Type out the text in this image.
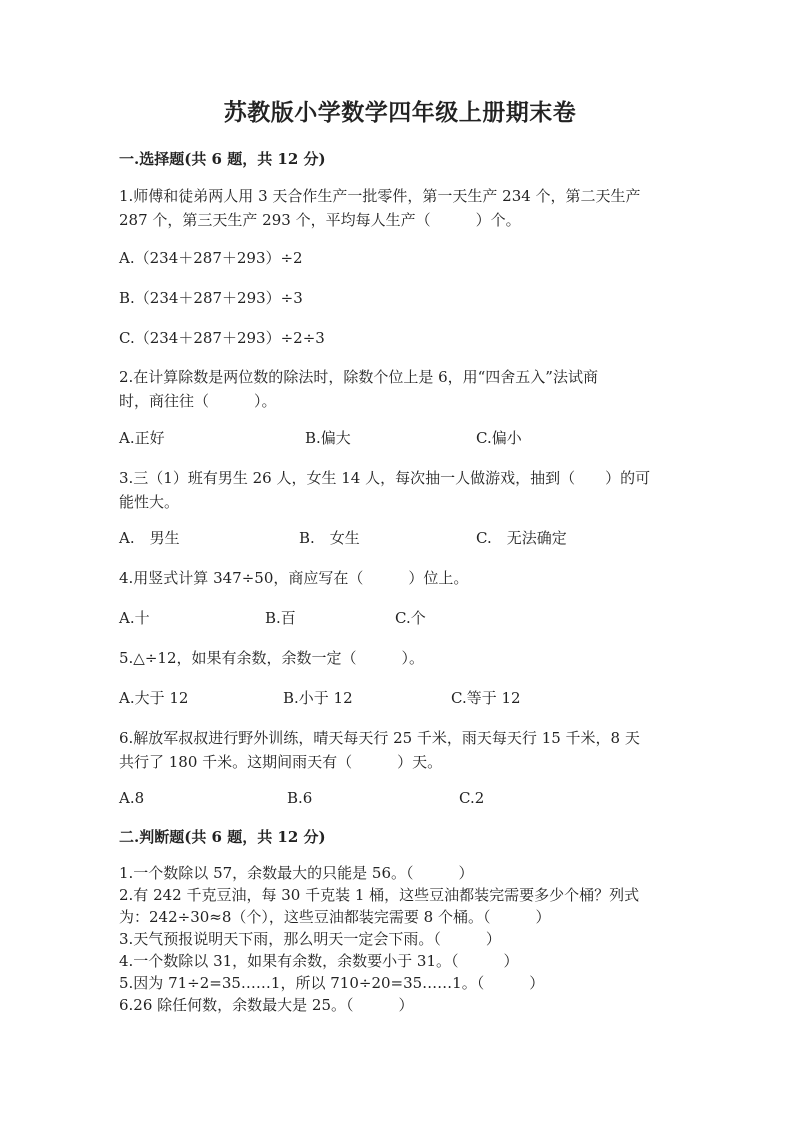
苏教版小学数学四年级上册期末卷
一.选择题(共 6 题，共 12 分)
1.师傅和徒弟两人用 3 天合作生产一批零件，第一天生产 234 个，第二天生产
287 个，第三天生产 293 个，平均每人生产（　　　）个。
A.（234＋287＋293）÷2
B.（234＋287＋293）÷3
C.（234＋287＋293）÷2÷3
2.在计算除数是两位数的除法时，除数个位上是 6，用“四舍五入”法试商
时，商往往（　　　）。
A.正好	B.偏大	C.偏小
3.三（1）班有男生 26 人，女生 14 人，每次抽一人做游戏，抽到（　　）的可
能性大。
A.　男生	B.　女生	C.　无法确定
4.用竖式计算 347÷50，商应写在（　　　）位上。
A.十	B.百	C.个
5.△÷12，如果有余数，余数一定（　　　）。
A.大于 12	B.小于 12	C.等于 12
6.解放军叔叔进行野外训练，晴天每天行 25 千米，雨天每天行 15 千米，8 天
共行了 180 千米。这期间雨天有（　　　）天。
A.8	B.6	C.2
二.判断题(共 6 题，共 12 分)
1.一个数除以 57，余数最大的只能是 56。（　　　）
2.有 242 千克豆油，每 30 千克装 1 桶，这些豆油都装完需要多少个桶？列式
为：242÷30≈8（个），这些豆油都装完需要 8 个桶。（　　　）
3.天气预报说明天下雨，那么明天一定会下雨。（　　　）
4.一个数除以 31，如果有余数，余数要小于 31。（　　　）
5.因为 71÷2=35……1，所以 710÷20=35……1。（　　　）
6.26 除任何数，余数最大是 25。（　　　）
